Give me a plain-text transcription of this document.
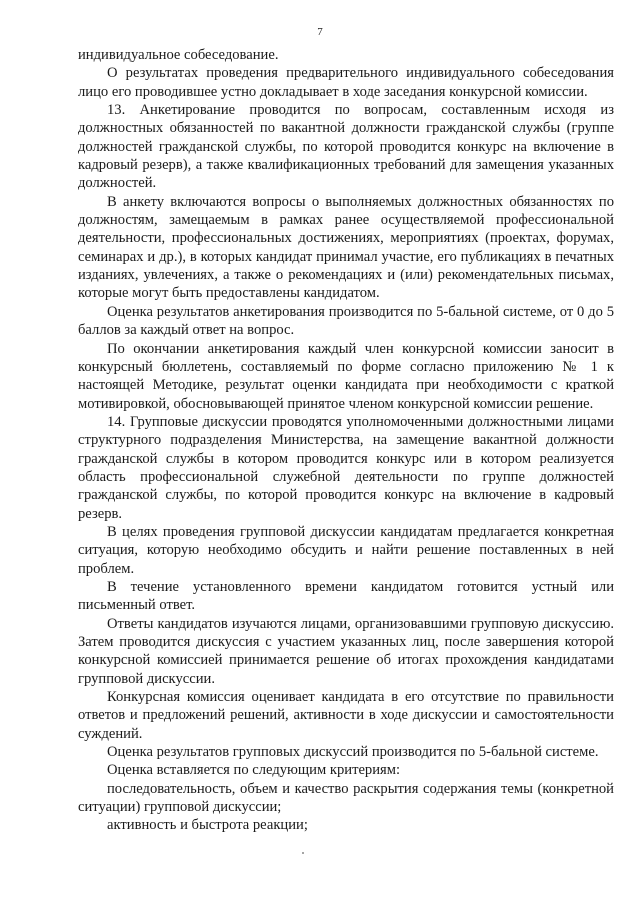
7

индивидуальное собеседование.

О результатах проведения предварительного индивидуального собеседования лицо его проводившее устно докладывает в ходе заседания конкурсной комиссии.

13. Анкетирование проводится по вопросам, составленным исходя из должностных обязанностей по вакантной должности гражданской службы (группе должностей гражданской службы, по которой проводится конкурс на включение в кадровый резерв), а также квалификационных требований для замещения указанных должностей.

В анкету включаются вопросы о выполняемых должностных обязанностях по должностям, замещаемым в рамках ранее осуществляемой профессиональной деятельности, профессиональных достижениях, мероприятиях (проектах, форумах, семинарах и др.), в которых кандидат принимал участие, его публикациях в печатных изданиях, увлечениях, а также о рекомендациях и (или) рекомендательных письмах, которые могут быть предоставлены кандидатом.

Оценка результатов анкетирования производится по 5-бальной системе, от 0 до 5 баллов за каждый ответ на вопрос.

По окончании анкетирования каждый член конкурсной комиссии заносит в конкурсный бюллетень, составляемый по форме согласно приложению № 1 к настоящей Методике, результат оценки кандидата при необходимости с краткой мотивировкой, обосновывающей принятое членом конкурсной комиссии решение.

14. Групповые дискуссии проводятся уполномоченными должностными лицами структурного подразделения Министерства, на замещение вакантной должности гражданской службы в котором проводится конкурс или в котором реализуется область профессиональной служебной деятельности по группе должностей гражданской службы, по которой проводится конкурс на включение в кадровый резерв.

В целях проведения групповой дискуссии кандидатам предлагается конкретная ситуация, которую необходимо обсудить и найти решение поставленных в ней проблем.

В течение установленного времени кандидатом готовится устный или письменный ответ.

Ответы кандидатов изучаются лицами, организовавшими групповую дискуссию. Затем проводится дискуссия с участием указанных лиц, после завершения которой конкурсной комиссией принимается решение об итогах прохождения кандидатами групповой дискуссии.

Конкурсная комиссия оценивает кандидата в его отсутствие по правильности ответов и предложений решений, активности в ходе дискуссии и самостоятельности суждений.

Оценка результатов групповых дискуссий производится по 5-бальной системе.

Оценка вставляется по следующим критериям:

последовательность, объем и качество раскрытия содержания темы (конкретной ситуации) групповой дискуссии;

активность и быстрота реакции;
